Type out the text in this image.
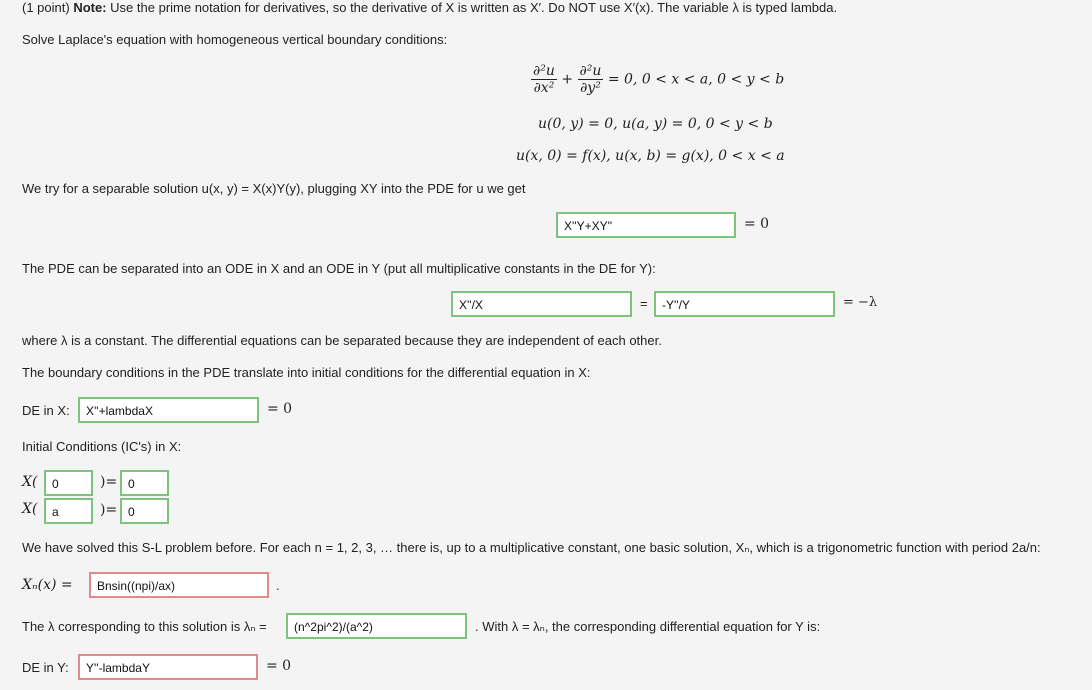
(1 point) Note: Use the prime notation for derivatives, so the derivative of X is written as X′. Do NOT use X′(x). The variable λ is typed lambda.
Solve Laplace's equation with homogeneous vertical boundary conditions:
$\frac{\text{∂²u}}{\text{∂x²}} + \frac{\text{∂²u}}{\text{∂y²}} = 0$, 0 < x < a, 0 < y < b
u(0, y) = 0, u(a, y) = 0, 0 < y < b
u(x, 0) = f(x), u(x, b) = g(x), 0 < x < a
We try for a separable solution u(x, y) = X(x)Y(y), plugging XY into the PDE for u we get
X''Y+XY''	= 0
The PDE can be separated into an ODE in X and an ODE in Y (put all multiplicative constants in the DE for Y):
X''/X	=	-Y''/Y	= −λ
where λ is a constant. The differential equations can be separated because they are independent of each other.
The boundary conditions in the PDE translate into initial conditions for the differential equation in X:
DE in X:	X''+lambdaX	= 0
Initial Conditions (IC's) in X:
X(	0	)= 0
X(	a	)= 0
We have solved this S-L problem before. For each n = 1, 2, 3, … there is, up to a multiplicative constant, one basic solution, Xₙ, which is a trigonometric function with period 2a/n:
Xₙ(x) =	Bnsin((npi)/ax)	.
The λ corresponding to this solution is λₙ =	(n^2pi^2)/(a^2)	. With λ = λₙ, the corresponding differential equation for Y is:
DE in Y:	Y''-lambdaY	= 0
